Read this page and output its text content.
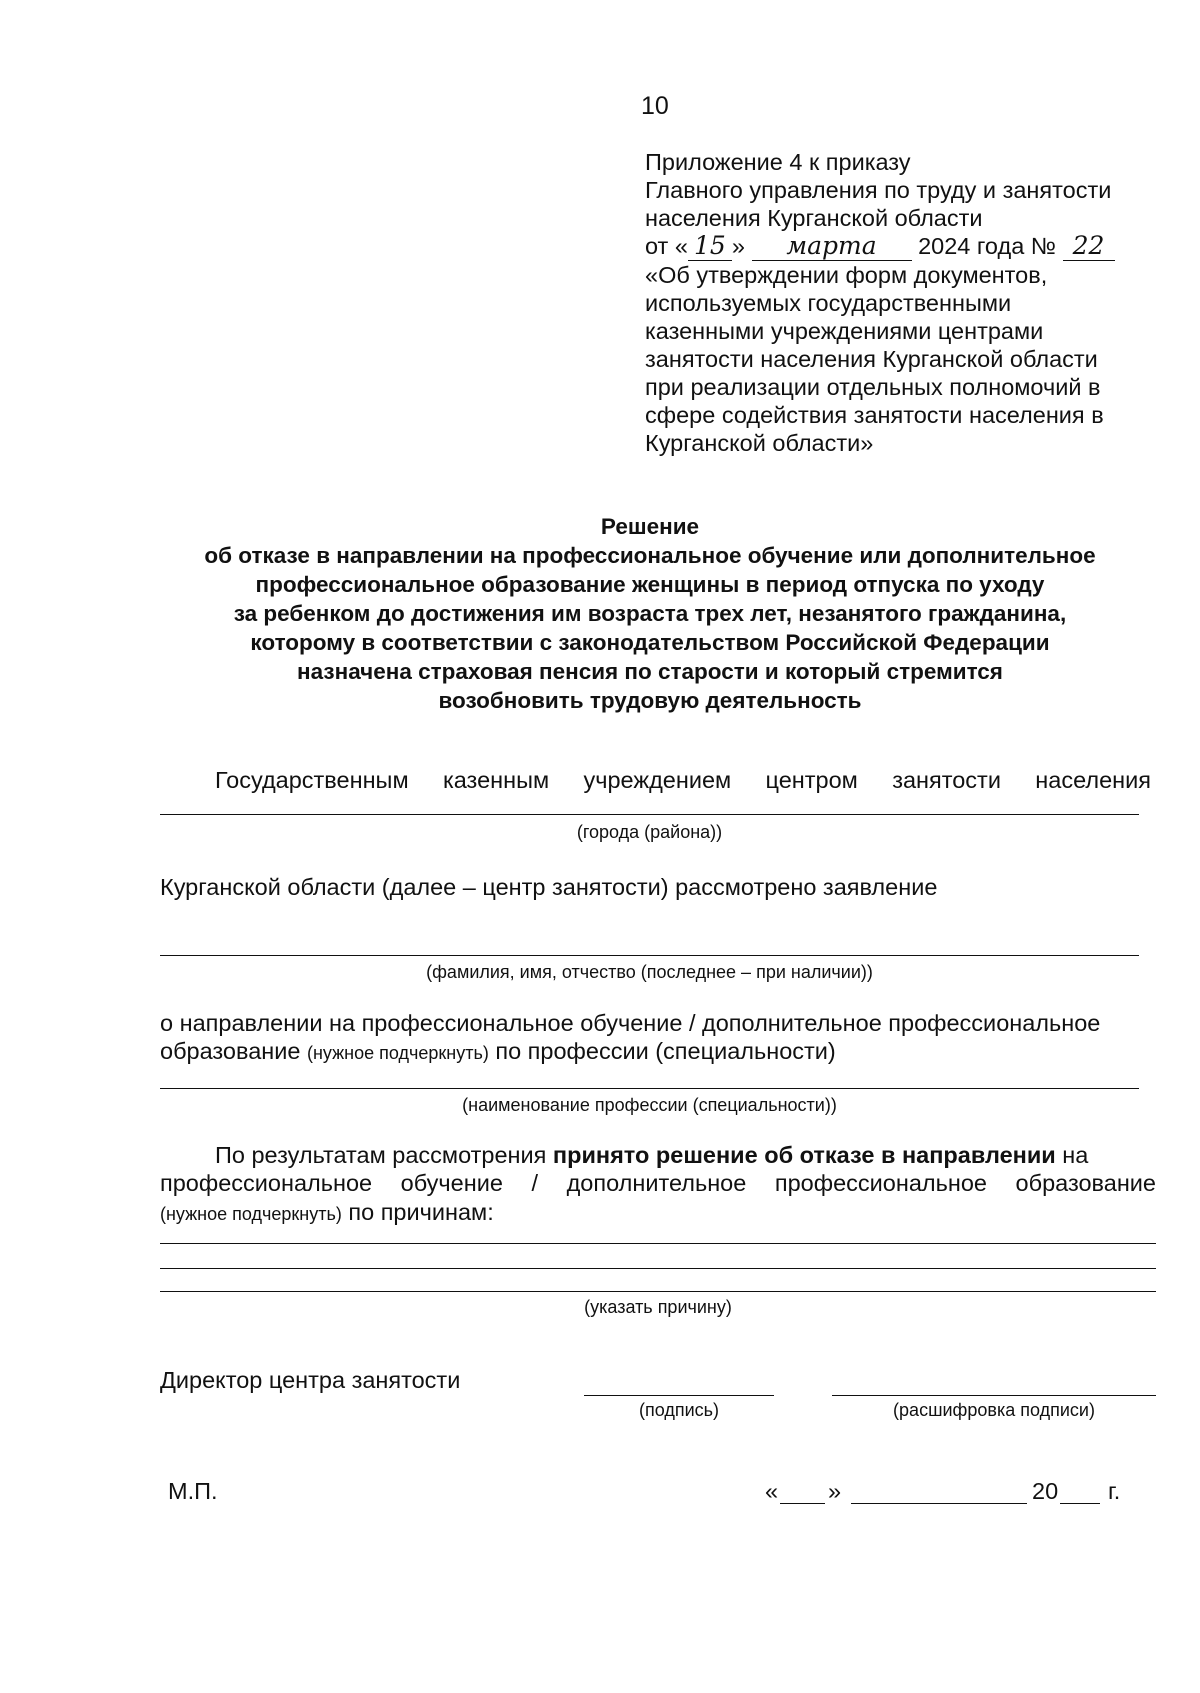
10
Приложение 4 к приказу
Главного управления по труду и занятости
населения Курганской области
от « 15 » марта 2024 года № 22
«Об утверждении форм документов,
используемых государственными
казенными учреждениями центрами
занятости населения Курганской области
при реализации отдельных полномочий в
сфере содействия занятости населения в
Курганской области»
Решение
об отказе в направлении на профессиональное обучение или дополнительное
профессиональное образование женщины в период отпуска по уходу
за ребенком до достижения им возраста трех лет, незанятого гражданина,
которому в соответствии с законодательством Российской Федерации
назначена страховая пенсия по старости и который стремится
возобновить трудовую деятельность
Государственным казенным учреждением центром занятости населения
(города (района))
Курганской области (далее – центр занятости) рассмотрено заявление
(фамилия, имя, отчество (последнее – при наличии))
о направлении на профессиональное обучение / дополнительное профессиональное
образование (нужное подчеркнуть) по профессии (специальности)
(наименование профессии (специальности))
По результатам рассмотрения принято решение об отказе в направлении на
профессиональное обучение / дополнительное профессиональное образование
(нужное подчеркнуть) по причинам:
(указать причину)
Директор центра занятости
(подпись)	(расшифровка подписи)
М.П.	« »	20 г.
